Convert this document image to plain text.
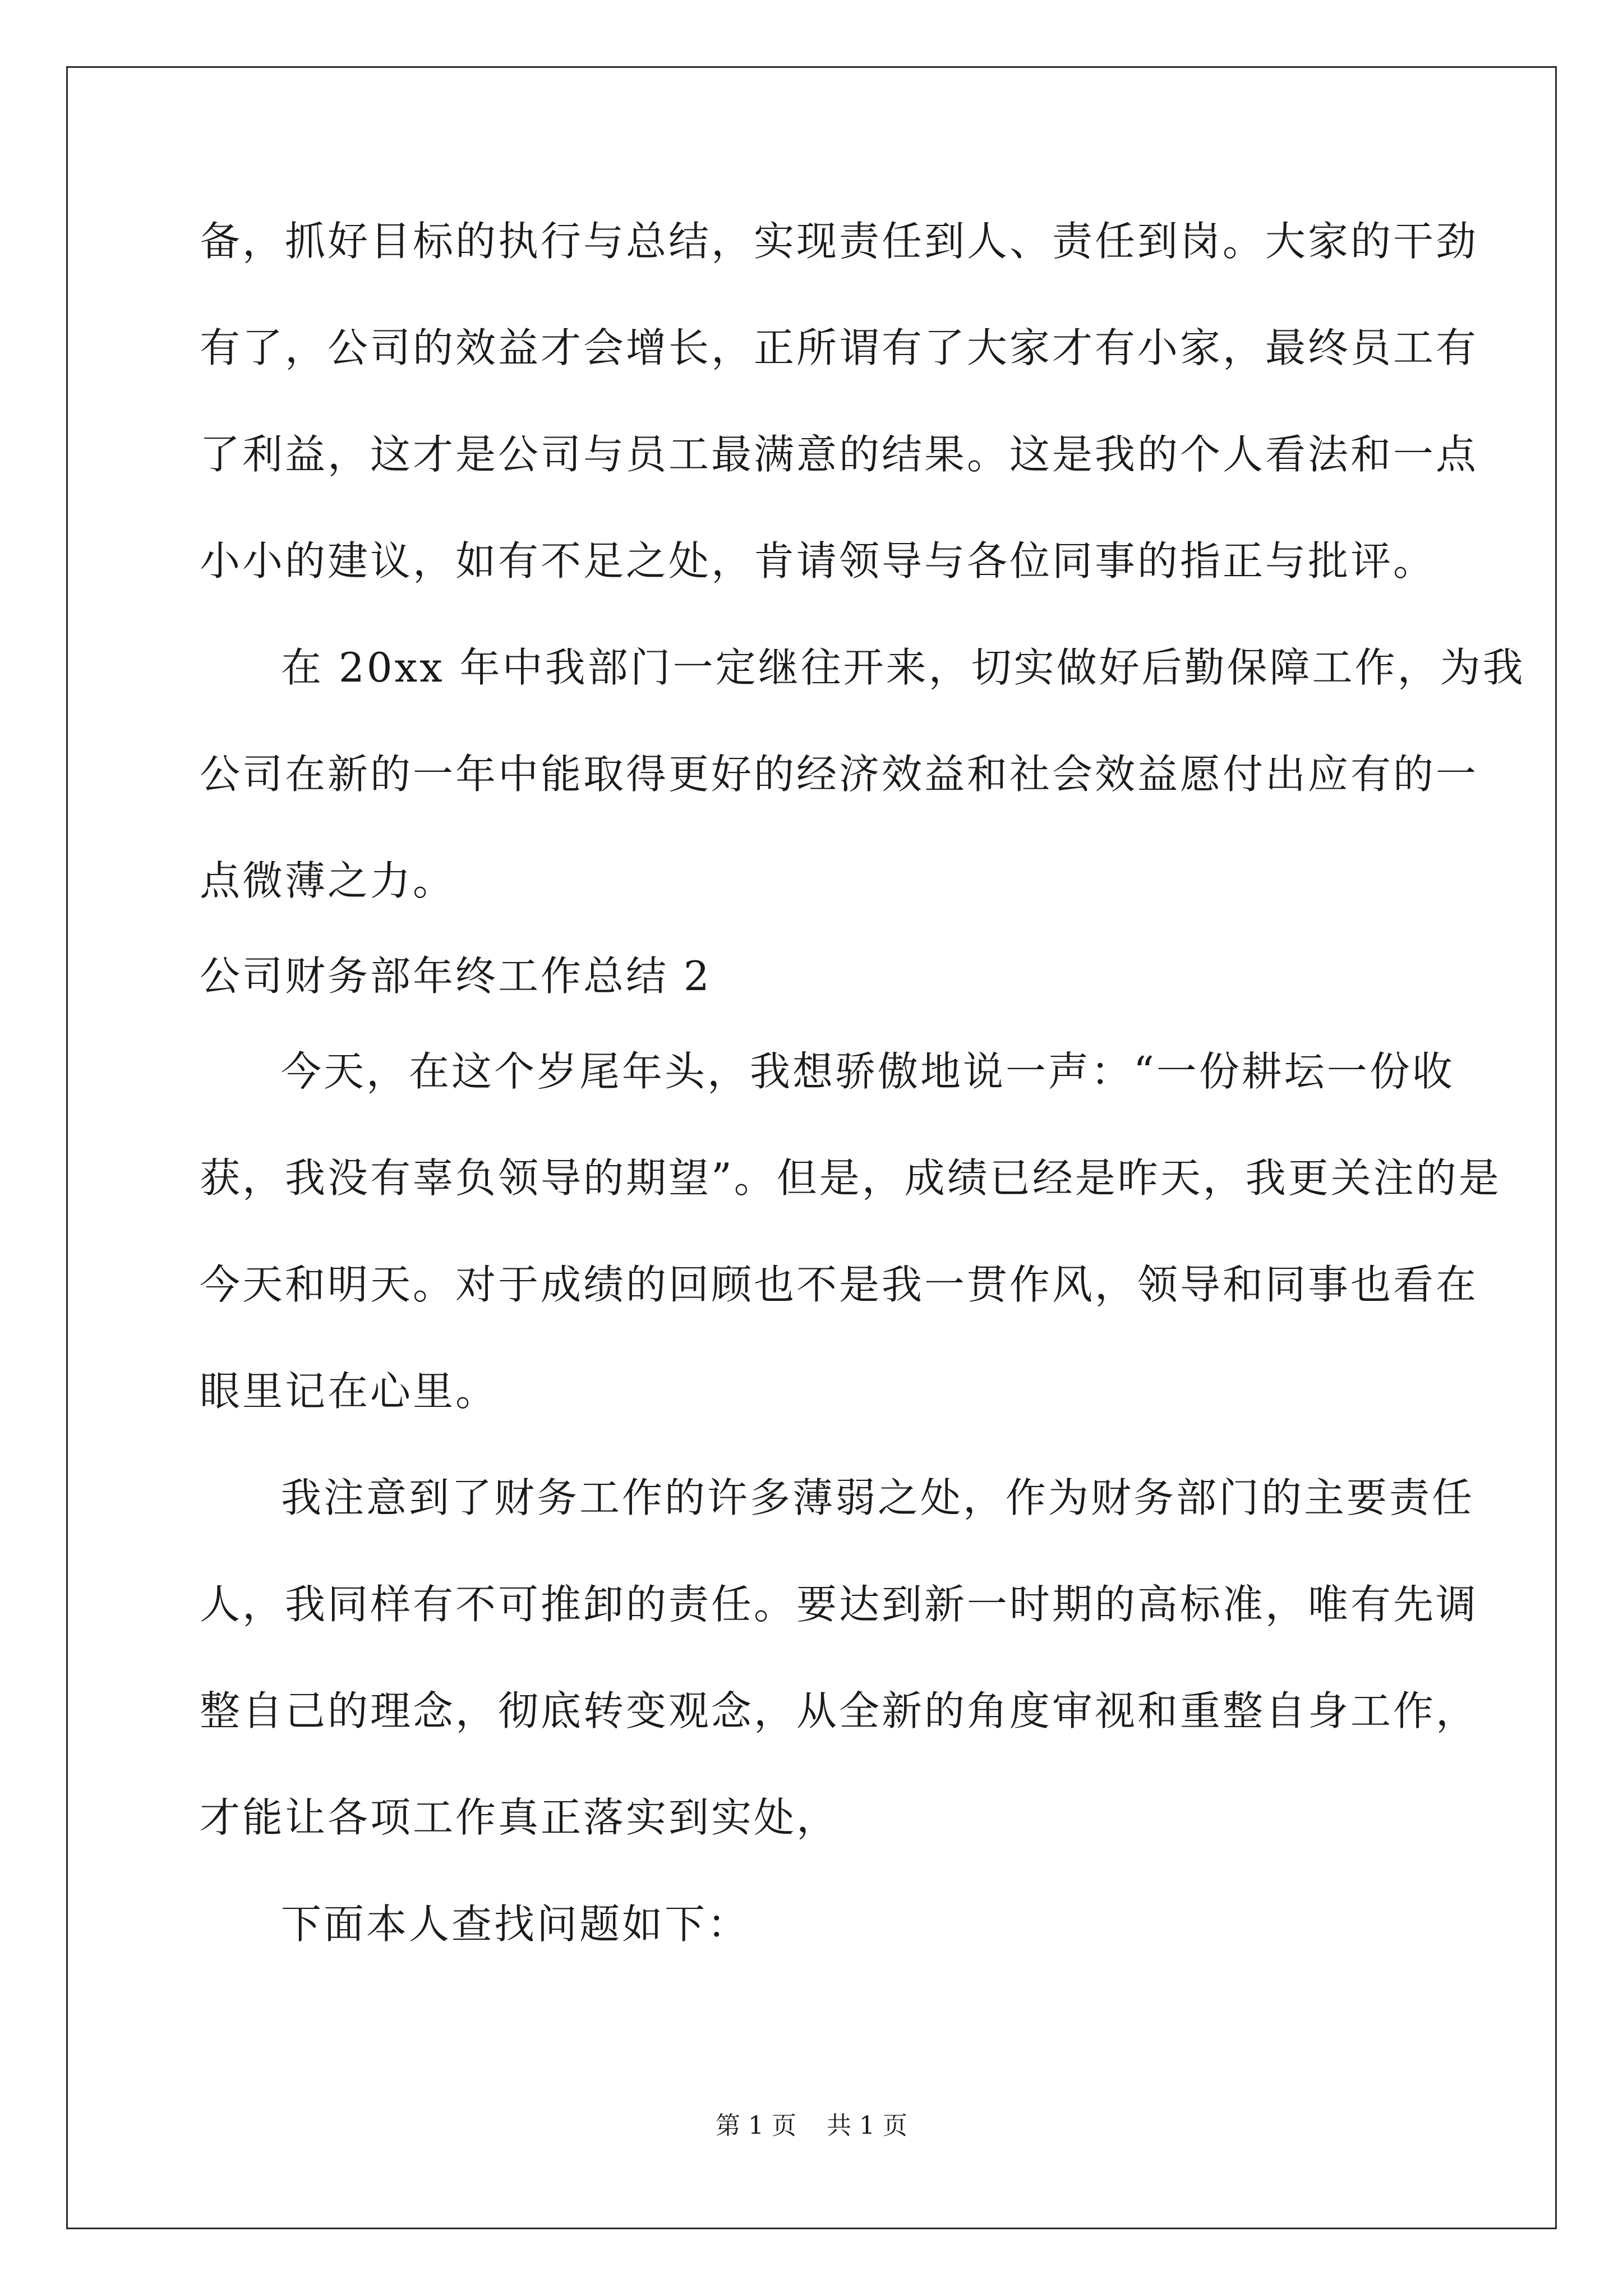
备，抓好目标的执行与总结，实现责任到人、责任到岗。大家的干劲
有了，公司的效益才会增长，正所谓有了大家才有小家，最终员工有
了利益，这才是公司与员工最满意的结果。这是我的个人看法和一点
小小的建议，如有不足之处，肯请领导与各位同事的指正与批评。
在 20xx 年中我部门一定继往开来，切实做好后勤保障工作，为我
公司在新的一年中能取得更好的经济效益和社会效益愿付出应有的一
点微薄之力。
公司财务部年终工作总结 2
今天，在这个岁尾年头，我想骄傲地说一声：“一份耕坛一份收
获，我没有辜负领导的期望”。但是，成绩已经是昨天，我更关注的是
今天和明天。对于成绩的回顾也不是我一贯作风，领导和同事也看在
眼里记在心里。
我注意到了财务工作的许多薄弱之处，作为财务部门的主要责任
人，我同样有不可推卸的责任。要达到新一时期的高标准，唯有先调
整自己的理念，彻底转变观念，从全新的角度审视和重整自身工作，
才能让各项工作真正落实到实处，
下面本人查找问题如下：
第 1 页 共 1 页
